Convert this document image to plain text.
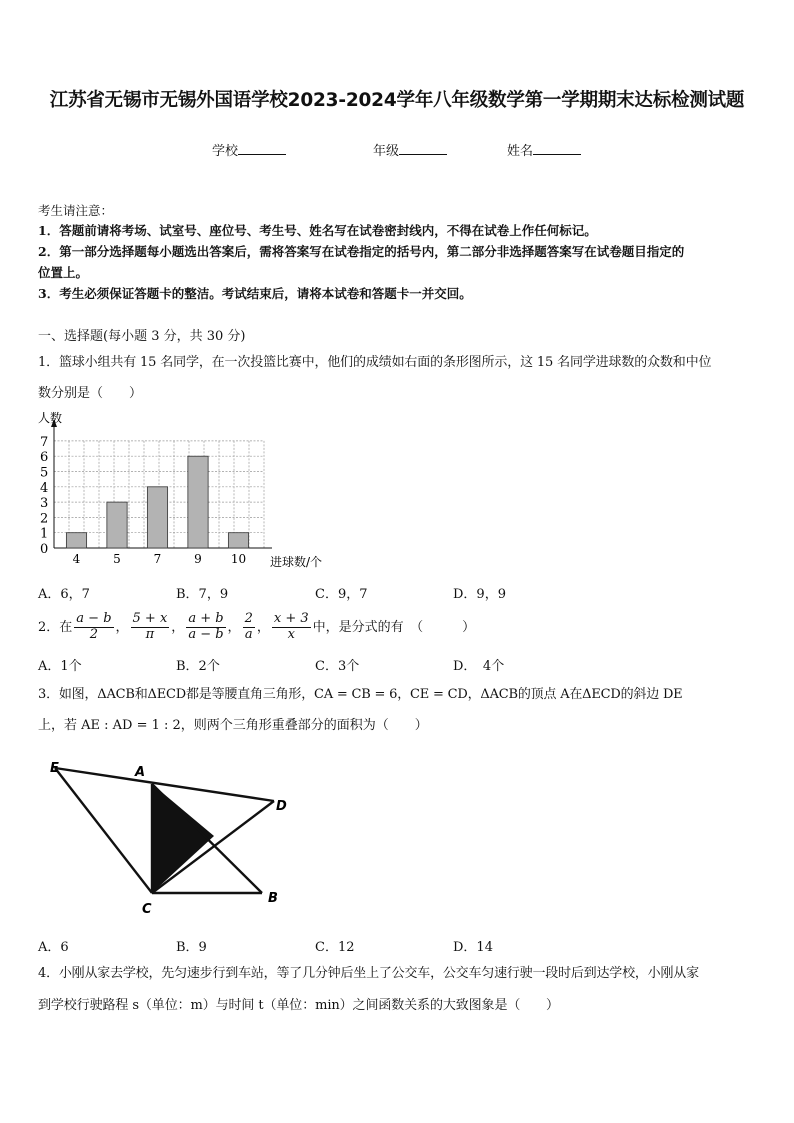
江苏省无锡市无锡外国语学校2023-2024学年八年级数学第一学期期末达标检测试题
学校	年级	姓名
考生请注意：
1．答题前请将考场、试室号、座位号、考生号、姓名写在试卷密封线内，不得在试卷上作任何标记。
2．第一部分选择题每小题选出答案后，需将答案写在试卷指定的括号内，第二部分非选择题答案写在试卷题目指定的
位置上。
3．考生必须保证答题卡的整洁。考试结束后，请将本试卷和答题卡一并交回。
一、选择题(每小题 3 分，共 30 分)
1．篮球小组共有 15 名同学，在一次投篮比赛中，他们的成绩如右面的条形图所示，这 15 名同学进球数的众数和中位
数分别是（　　）
0
1
2
3
4
5
6
7
人数
4	5	7	9 10 进球数/个
A．6，7	B．7，9	C．9，7	D．9，9
2．在 $\frac{a - b}{2}$ ， $\frac{5 + x}{\pi}$ ， $\frac{a + b}{a - b}$ ， $\frac{2}{a}$ ， $\frac{x + 3}{x}$ 中，是分式的有　（　　　）
A．1个	B．2个	C．3个	D．　4个
3．如图，ΔACB和ΔECD都是等腰直角三角形，CA = CB = 6，CE = CD，ΔACB的顶点 A在ΔECD的斜边 DE
上，若 AE : AD = 1 : 2，则两个三角形重叠部分的面积为（　　）
E	A
D
C
B
A．6	B．9	C．12	D．14
4．小刚从家去学校，先匀速步行到车站，等了几分钟后坐上了公交车，公交车匀速行驶一段时后到达学校，小刚从家
到学校行驶路程 s（单位：m）与时间 t（单位：min）之间函数关系的大致图象是（　　）
